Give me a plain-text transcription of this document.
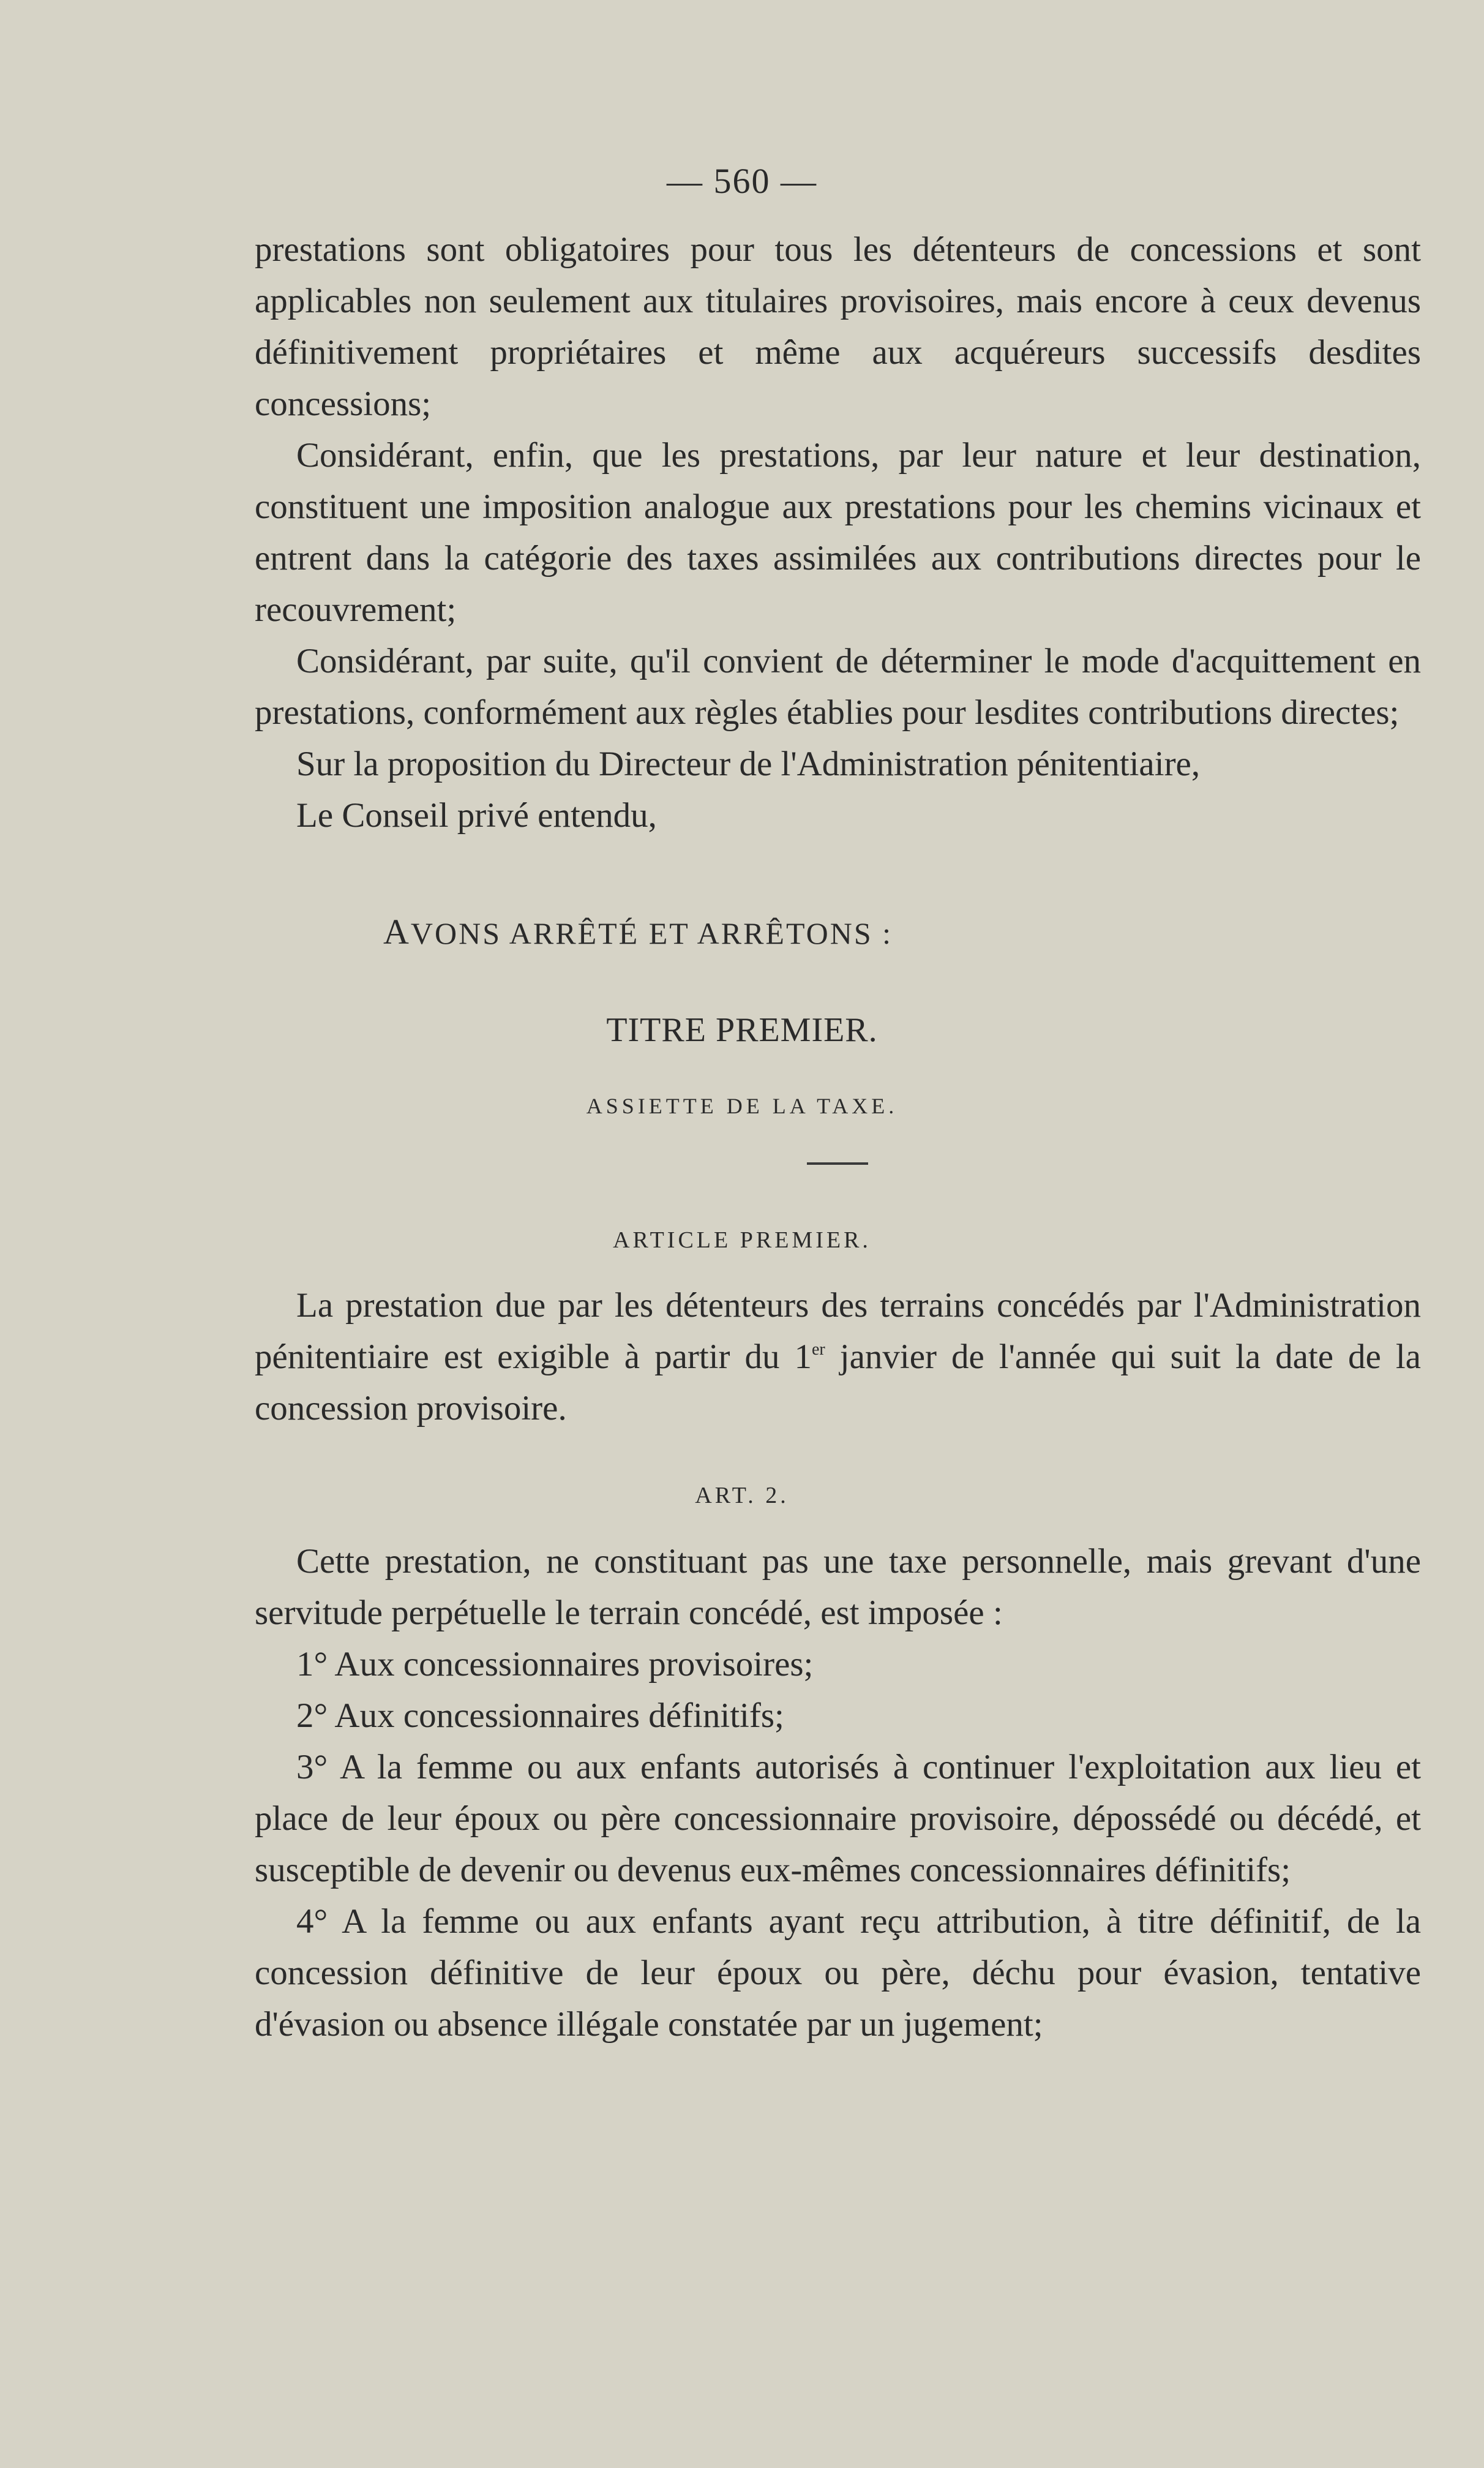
— 560 —

prestations sont obligatoires pour tous les détenteurs de concessions et sont applicables non seulement aux titulaires provisoires, mais encore à ceux devenus définitivement propriétaires et même aux acquéreurs successifs desdites concessions;

Considérant, enfin, que les prestations, par leur nature et leur destination, constituent une imposition analogue aux prestations pour les chemins vicinaux et entrent dans la catégorie des taxes assimilées aux contributions directes pour le recouvrement;

Considérant, par suite, qu'il convient de déterminer le mode d'acquittement en prestations, conformément aux règles établies pour lesdites contributions directes;

Sur la proposition du Directeur de l'Administration pénitentiaire,

Le Conseil privé entendu,

AVONS ARRÊTÉ ET ARRÊTONS :
TITRE PREMIER.
ASSIETTE DE LA TAXE.
ARTICLE PREMIER.

La prestation due par les détenteurs des terrains concédés par l'Administration pénitentiaire est exigible à partir du 1er janvier de l'année qui suit la date de la concession provisoire.

ART. 2.

Cette prestation, ne constituant pas une taxe personnelle, mais grevant d'une servitude perpétuelle le terrain concédé, est imposée :

1° Aux concessionnaires provisoires;

2° Aux concessionnaires définitifs;

3° A la femme ou aux enfants autorisés à continuer l'exploitation aux lieu et place de leur époux ou père concessionnaire provisoire, dépossédé ou décédé, et susceptible de devenir ou devenus eux-mêmes concessionnaires définitifs;

4° A la femme ou aux enfants ayant reçu attribution, à titre définitif, de la concession définitive de leur époux ou père, déchu pour évasion, tentative d'évasion ou absence illégale constatée par un jugement;
